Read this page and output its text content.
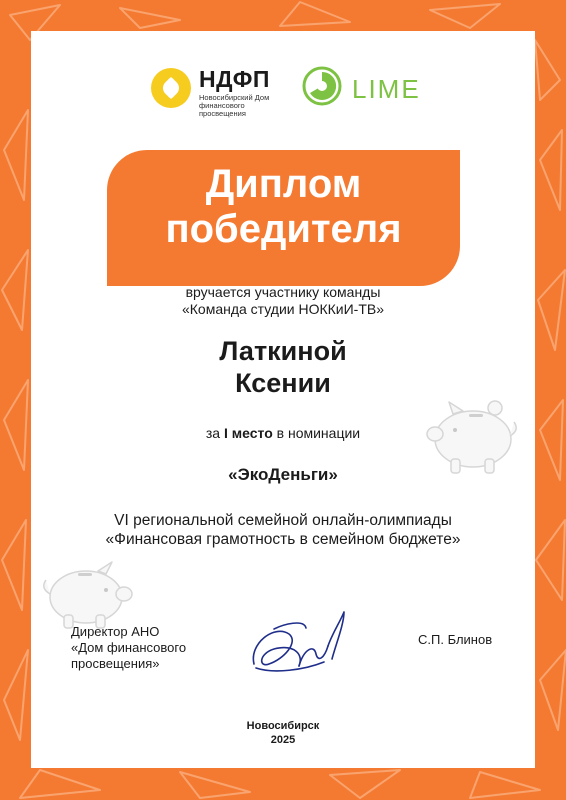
НДФП
Новосибирский Дом финансового просвещения
LIME
Диплом
победителя
вручается участнику команды
«Команда студии НОККиИ-ТВ»
Латкиной
Ксении
за I место в номинации
«ЭкоДеньги»
VI региональной семейной онлайн-олимпиады
«Финансовая грамотность в семейном бюджете»
Директор АНО
«Дом финансового
просвещения»
С.П. Блинов
Новосибирск
2025
